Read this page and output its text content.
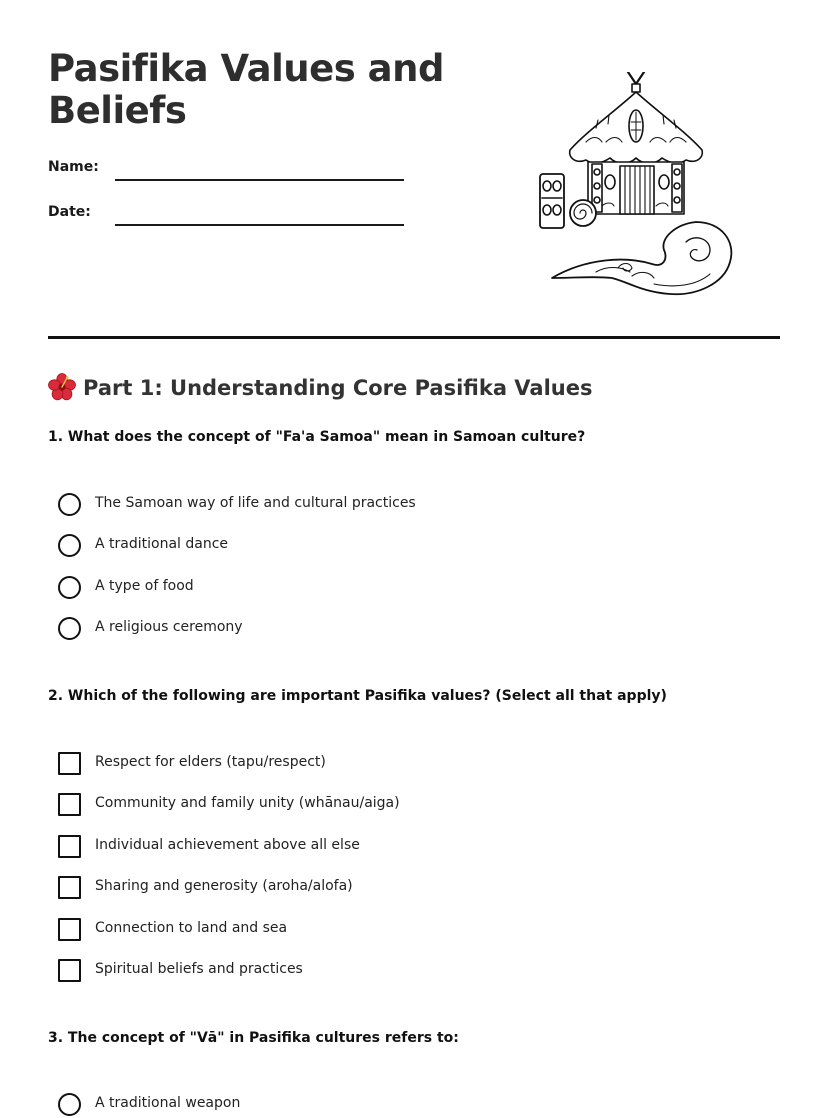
Pasifika Values and Beliefs
Name:
Date:
Part 1: Understanding Core Pasifika Values

1. What does the concept of "Fa'a Samoa" mean in Samoan culture?

The Samoan way of life and cultural practices
A traditional dance
A type of food
A religious ceremony

2. Which of the following are important Pasifika values? (Select all that apply)

Respect for elders (tapu/respect)
Community and family unity (whānau/aiga)
Individual achievement above all else
Sharing and generosity (aroha/alofa)
Connection to land and sea
Spiritual beliefs and practices

3. The concept of "Vā" in Pasifika cultures refers to:

A traditional weapon
